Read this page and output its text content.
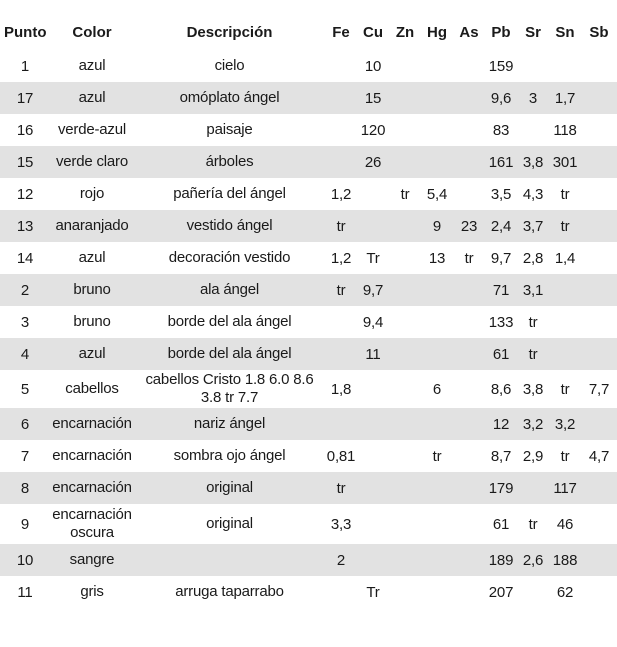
Punto	Color	Descripción	Fe	Cu	Zn	Hg	As	Pb	Sr	Sn	Sb
1	azul	cielo		10				159			
17	azul	omóplato ángel		15				9,6	3	1,7	
16	verde-azul	paisaje		120				83		118	
15	verde claro	árboles		26				161	3,8	301	
12	rojo	pañería del ángel	1,2		tr	5,4		3,5	4,3	tr	
13	anaranjado	vestido ángel	tr			9	23	2,4	3,7	tr	
14	azul	decoración vestido	1,2	Tr		13	tr	9,7	2,8	1,4	
2	bruno	ala ángel	tr	9,7				71	3,1		
3	bruno	borde del ala ángel		9,4				133	tr		
4	azul	borde del ala ángel		11				61	tr		
5	cabellos	cabellos Cristo 1.8 6.0 8.6 3.8 tr 7.7	1,8			6		8,6	3,8	tr	7,7
6	encarnación	nariz ángel						12	3,2	3,2	
7	encarnación	sombra ojo ángel	0,81			tr		8,7	2,9	tr	4,7
8	encarnación	original	tr					179		117	
9	encarnación oscura	original	3,3					61	tr	46	
10	sangre		2					189	2,6	188	
11	gris	arruga taparrabo		Tr				207		62	
